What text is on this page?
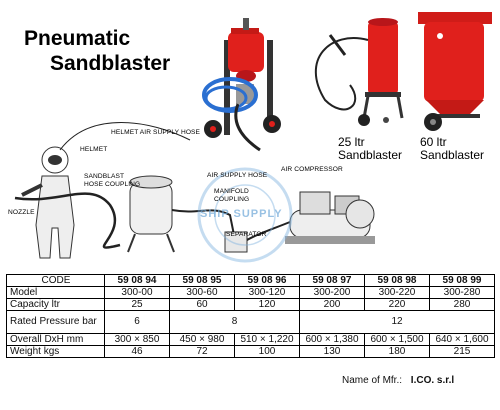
Pneumatic
Sandblaster
HELMET AIR SUPPLY HOSE
HELMET
SANDBLAST
HOSE COUPLING
NOZZLE
AIR SUPPLY HOSE
MANIFOLD
COUPLING
SEPARATOR
AIR COMPRESSOR
SHIP SUPPLY
25 ltr
Sandblaster
60 ltr
Sandblaster
CODE	59 08 94	59 08 95	59 08 96	59 08 97	59 08 98	59 08 99
Model	300-00	300-60	300-120	300-200	300-220	300-280
Capacity ltr	25	60	120	200	220	280
Rated Pressure bar	6	8		12		
Overall DxH mm	300 × 850	450 × 980	510 × 1,220	600 × 1,380	600 × 1,500	640 × 1,600
Weight kgs	46	72	100	130	180	215
Name of Mfr.: I.CO. s.r.l
